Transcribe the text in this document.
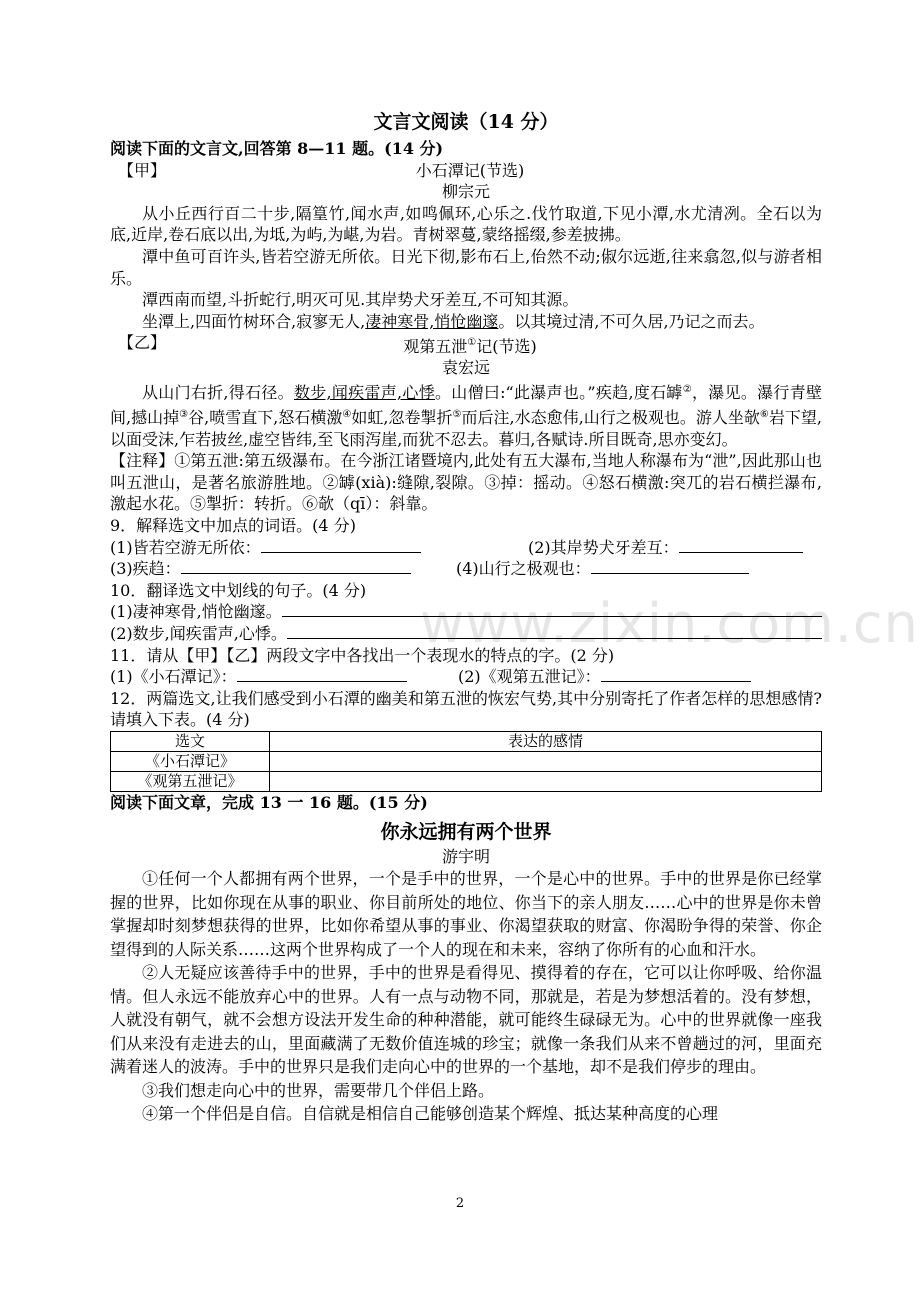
www.zixin.com.cn
文言文阅读（14 分）
阅读下面的文言文,回答第 8—11 题。(14 分)
【甲】	小石潭记(节选)
柳宗元

从小丘西行百二十步,隔篁竹,闻水声,如鸣佩环,心乐之.伐竹取道,下见小潭,水尤清冽。全石以为底,近岸,卷石底以出,为坻,为屿,为嵁,为岩。青树翠蔓,蒙络摇缀,参差披拂。

潭中鱼可百许头,皆若空游无所依。日光下彻,影布石上,佁然不动;俶尔远逝,往来翕忽,似与游者相乐。

潭西南而望,斗折蛇行,明灭可见.其岸势犬牙差互,不可知其源。

坐潭上,四面竹树环合,寂寥无人,凄神寒骨,悄怆幽邃。以其境过清,不可久居,乃记之而去。

【乙】	观第五泄①记(节选)
袁宏远

从山门右折,得石径。数步,闻疾雷声,心悸。山僧曰:“此瀑声也。”疾趋,度石罅②，瀑见。瀑行青壁间,撼山掉③谷,喷雪直下,怒石横激④如虹,忽卷掣折⑤而后注,水态愈伟,山行之极观也。游人坐欹⑥岩下望,以面受沫,乍若披丝,虚空皆纬,至飞雨泻崖,而犹不忍去。暮归,各赋诗.所目既奇,思亦变幻。

【注释】①第五泄:第五级瀑布。在今浙江诸暨境内,此处有五大瀑布,当地人称瀑布为“泄”,因此那山也叫五泄山，是著名旅游胜地。②罅(xià):缝隙,裂隙。③掉：摇动。④怒石横激:突兀的岩石横拦瀑布,激起水花。⑤掣折：转折。⑥欹（qī）：斜靠。

9．解释选文中加点的词语。(4 分)

(1)皆若空游无所依：	(2)其岸势犬牙差互：
(3)疾趋：	(4)山行之极观也：

10．翻译选文中划线的句子。(4 分)

(1)凄神寒骨,悄怆幽邃。
(2)数步,闻疾雷声,心悸。

11．请从【甲】【乙】两段文字中各找出一个表现水的特点的字。(2 分)

(1)《小石潭记》：	(2)《观第五泄记》：

12．两篇选文,让我们感受到小石潭的幽美和第五泄的恢宏气势,其中分别寄托了作者怎样的思想感情?请填入下表。(4 分)

选文	表达的感情
《小石潭记》	
《观第五泄记》	
阅读下面文章，完成 13 一 16 题。(15 分)
你永远拥有两个世界
游宇明

①任何一个人都拥有两个世界，一个是手中的世界，一个是心中的世界。手中的世界是你已经掌握的世界，比如你现在从事的职业、你目前所处的地位、你当下的亲人朋友……心中的世界是你未曾掌握却时刻梦想获得的世界，比如你希望从事的事业、你渴望获取的财富、你渴盼争得的荣誉、你企望得到的人际关系……这两个世界构成了一个人的现在和未来，容纳了你所有的心血和汗水。

②人无疑应该善待手中的世界，手中的世界是看得见、摸得着的存在，它可以让你呼吸、给你温情。但人永远不能放弃心中的世界。人有一点与动物不同，那就是，若是为梦想活着的。没有梦想，人就没有朝气，就不会想方设法开发生命的种种潜能，就可能终生碌碌无为。心中的世界就像一座我们从来没有走进去的山，里面藏满了无数价值连城的珍宝；就像一条我们从来不曾趟过的河，里面充满着迷人的波涛。手中的世界只是我们走向心中的世界的一个基地，却不是我们停步的理由。

③我们想走向心中的世界，需要带几个伴侣上路。

④第一个伴侣是自信。自信就是相信自己能够创造某个辉煌、抵达某种高度的心理

2
